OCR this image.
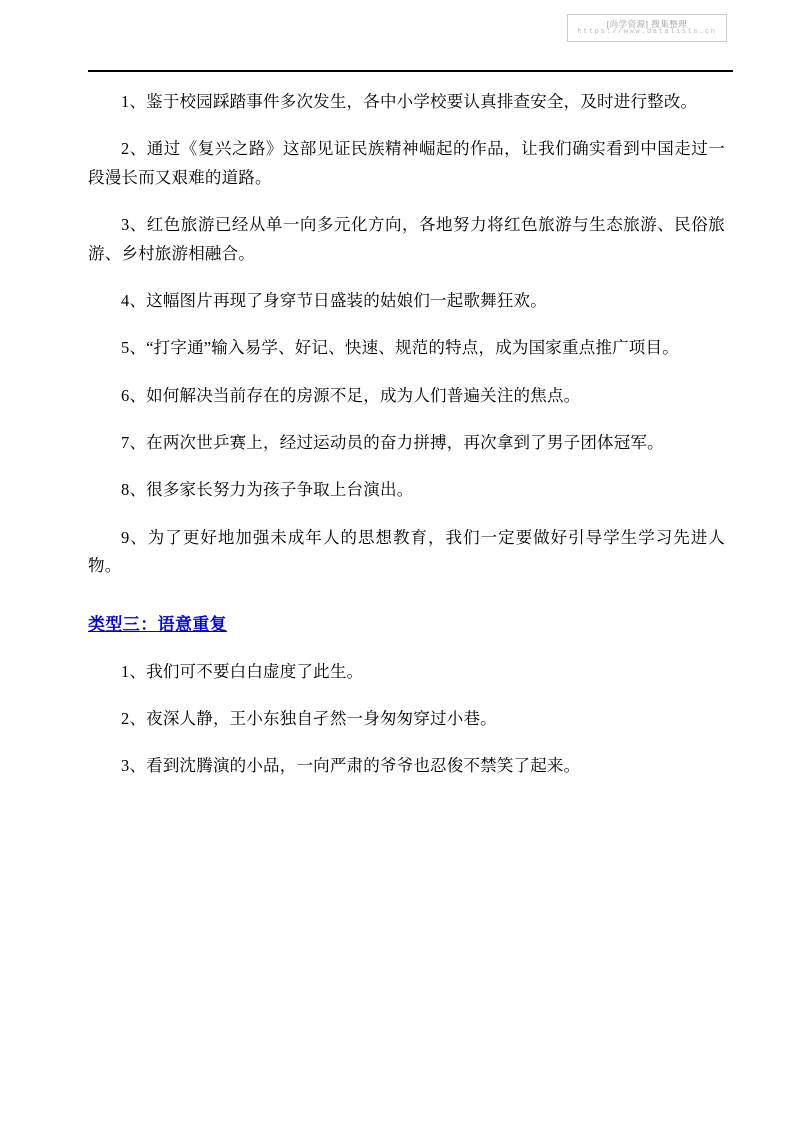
[尚学资源] 搜集整理
https://www.datalists.cn

1、鉴于校园踩踏事件多次发生，各中小学校要认真排查安全，及时进行整改。

2、通过《复兴之路》这部见证民族精神崛起的作品，让我们确实看到中国走过一段漫长而又艰难的道路。

3、红色旅游已经从单一向多元化方向，各地努力将红色旅游与生态旅游、民俗旅游、乡村旅游相融合。

4、这幅图片再现了身穿节日盛装的姑娘们一起歌舞狂欢。

5、“打字通”输入易学、好记、快速、规范的特点，成为国家重点推广项目。

6、如何解决当前存在的房源不足，成为人们普遍关注的焦点。

7、在两次世乒赛上，经过运动员的奋力拼搏，再次拿到了男子团体冠军。

8、很多家长努力为孩子争取上台演出。

9、为了更好地加强未成年人的思想教育，我们一定要做好引导学生学习先进人物。

类型三：语意重复

1、我们可不要白白虚度了此生。

2、夜深人静，王小东独自孑然一身匆匆穿过小巷。

3、看到沈腾演的小品，一向严肃的爷爷也忍俊不禁笑了起来。
